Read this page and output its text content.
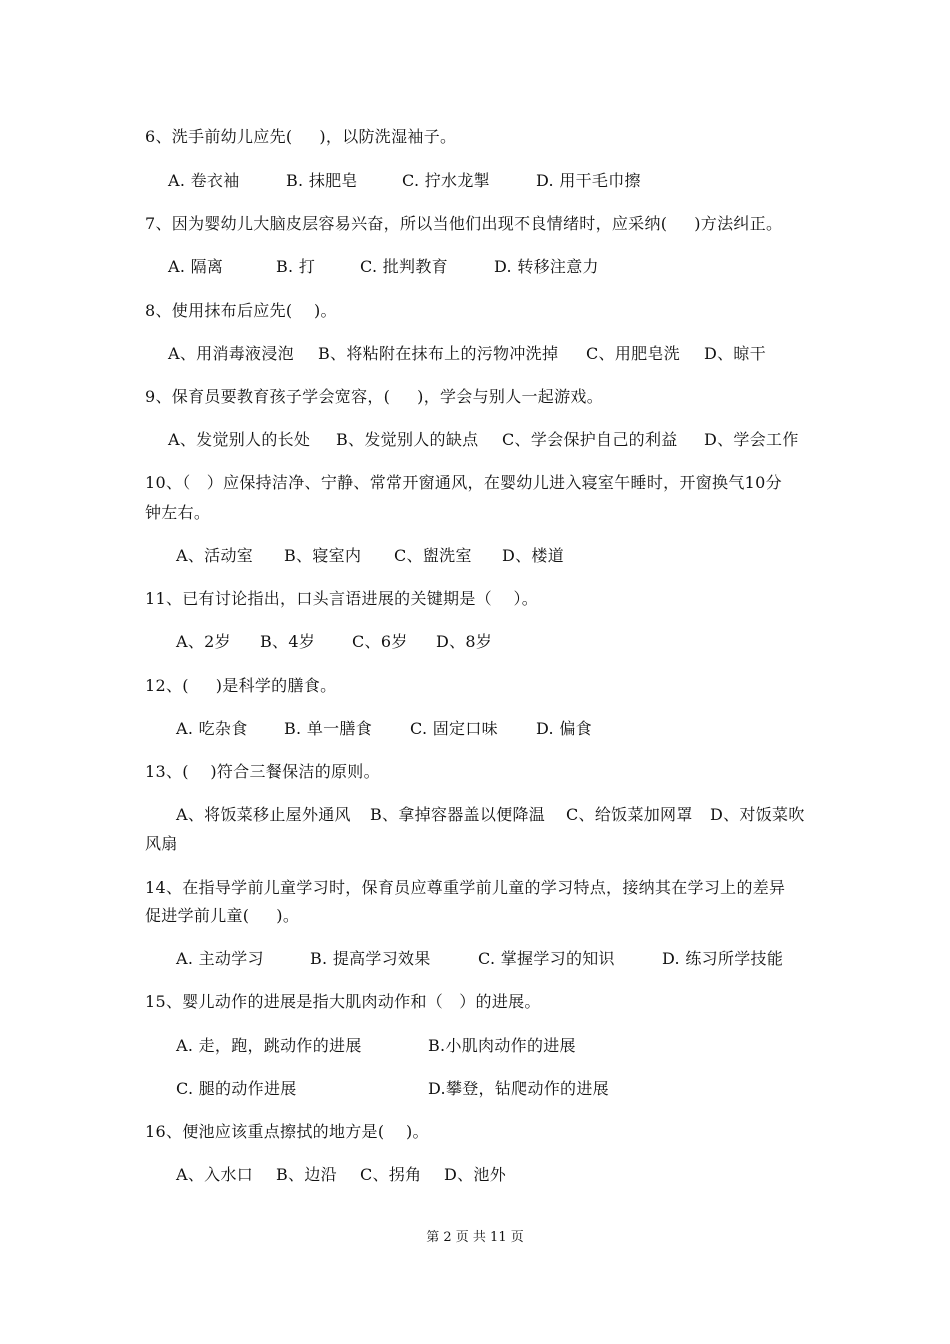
6、洗手前幼儿应先(     )，以防洗湿袖子。
A. 卷衣袖	B. 抹肥皂	C. 拧水龙掣	D. 用干毛巾擦
7、因为婴幼儿大脑皮层容易兴奋，所以当他们出现不良情绪时，应采纳(     )方法纠正。
A. 隔离	B. 打	C. 批判教育	D. 转移注意力
8、使用抹布后应先(    )。
A、用消毒液浸泡 B、将粘附在抹布上的污物冲洗掉 C、用肥皂洗 D、晾干
9、保育员要教育孩子学会宽容，(     )，学会与别人一起游戏。
A、发觉别人的长处 B、发觉别人的缺点 C、学会保护自己的利益 D、学会工作
10、（   ）应保持洁净、宁静、常常开窗通风，在婴幼儿进入寝室午睡时，开窗换气10分
钟左右。
A、活动室 B、寝室内 C、盥洗室 D、楼道
11、已有讨论指出，口头言语进展的关键期是（    ）。
A、2岁 B、4岁 C、6岁 D、8岁
12、(     )是科学的膳食。
A. 吃杂食 B. 单一膳食 C. 固定口味 D. 偏食
13、(    )符合三餐保洁的原则。
A、将饭菜移止屋外通风 B、拿掉容器盖以便降温 C、给饭菜加网罩 D、对饭菜吹
风扇
14、在指导学前儿童学习时，保育员应尊重学前儿童的学习特点，接纳其在学习上的差异
促进学前儿童(     )。
A. 主动学习	B. 提高学习效果	C. 掌握学习的知识	D. 练习所学技能
15、婴儿动作的进展是指大肌肉动作和（   ）的进展。
A. 走，跑，跳动作的进展	B.小肌肉动作的进展
C. 腿的动作进展	D.攀登，钻爬动作的进展
16、便池应该重点擦拭的地方是(    )。
A、入水口 B、边沿 C、拐角 D、池外
第 2 页 共 11 页
